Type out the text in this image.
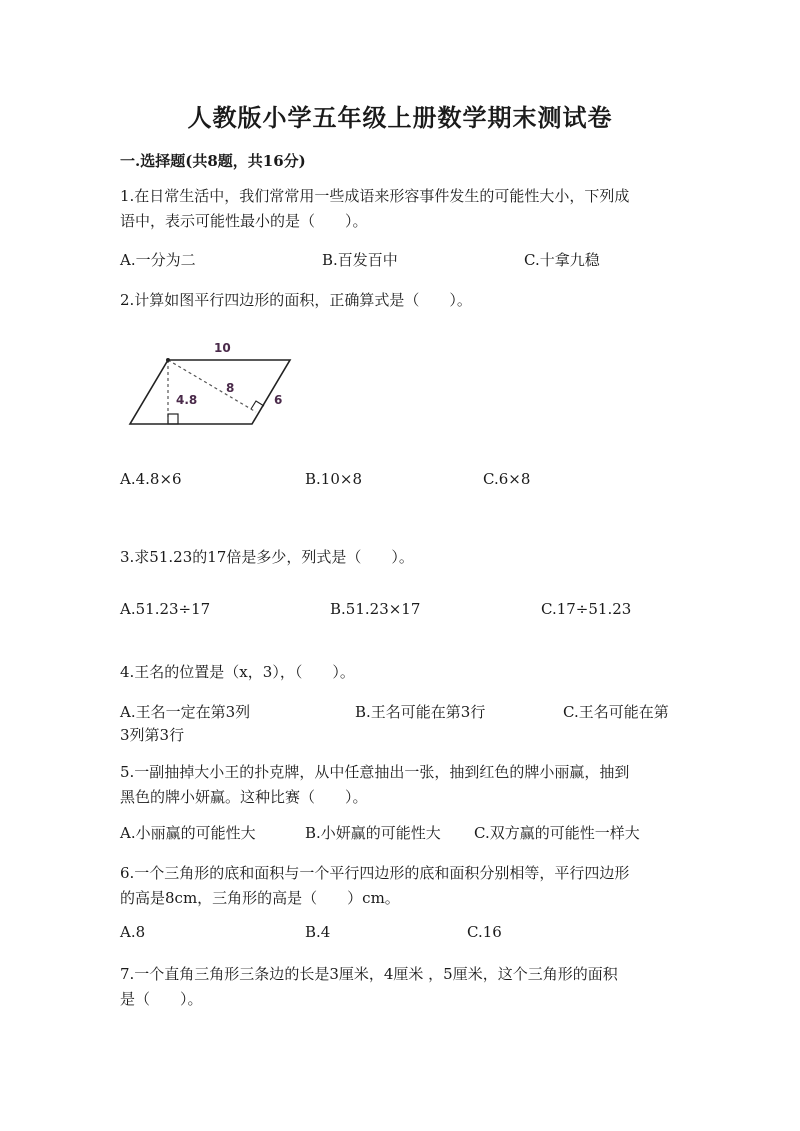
人教版小学五年级上册数学期末测试卷
一.选择题(共8题，共16分)
1.在日常生活中，我们常常用一些成语来形容事件发生的可能性大小，下列成
语中，表示可能性最小的是（　　）。
A.一分为二	B.百发百中	C.十拿九稳
2.计算如图平行四边形的面积，正确算式是（　　）。
10
8
6
4.8
A.4.8×6	B.10×8	C.6×8
3.求51.23的17倍是多少，列式是（　　）。
A.51.23÷17	B.51.23×17	C.17÷51.23
4.王名的位置是（x，3），（　　）。
A.王名一定在第3列	B.王名可能在第3行	C.王名可能在第
3列第3行
5.一副抽掉大小王的扑克牌，从中任意抽出一张，抽到红色的牌小丽赢，抽到
黑色的牌小妍赢。这种比赛（　　）。
A.小丽赢的可能性大	B.小妍赢的可能性大 C.双方赢的可能性一样大
6.一个三角形的底和面积与一个平行四边形的底和面积分别相等，平行四边形
的高是8cm，三角形的高是（　　）cm。
A.8	B.4	C.16
7.一个直角三角形三条边的长是3厘米，4厘米 ，5厘米，这个三角形的面积
是（　　）。
